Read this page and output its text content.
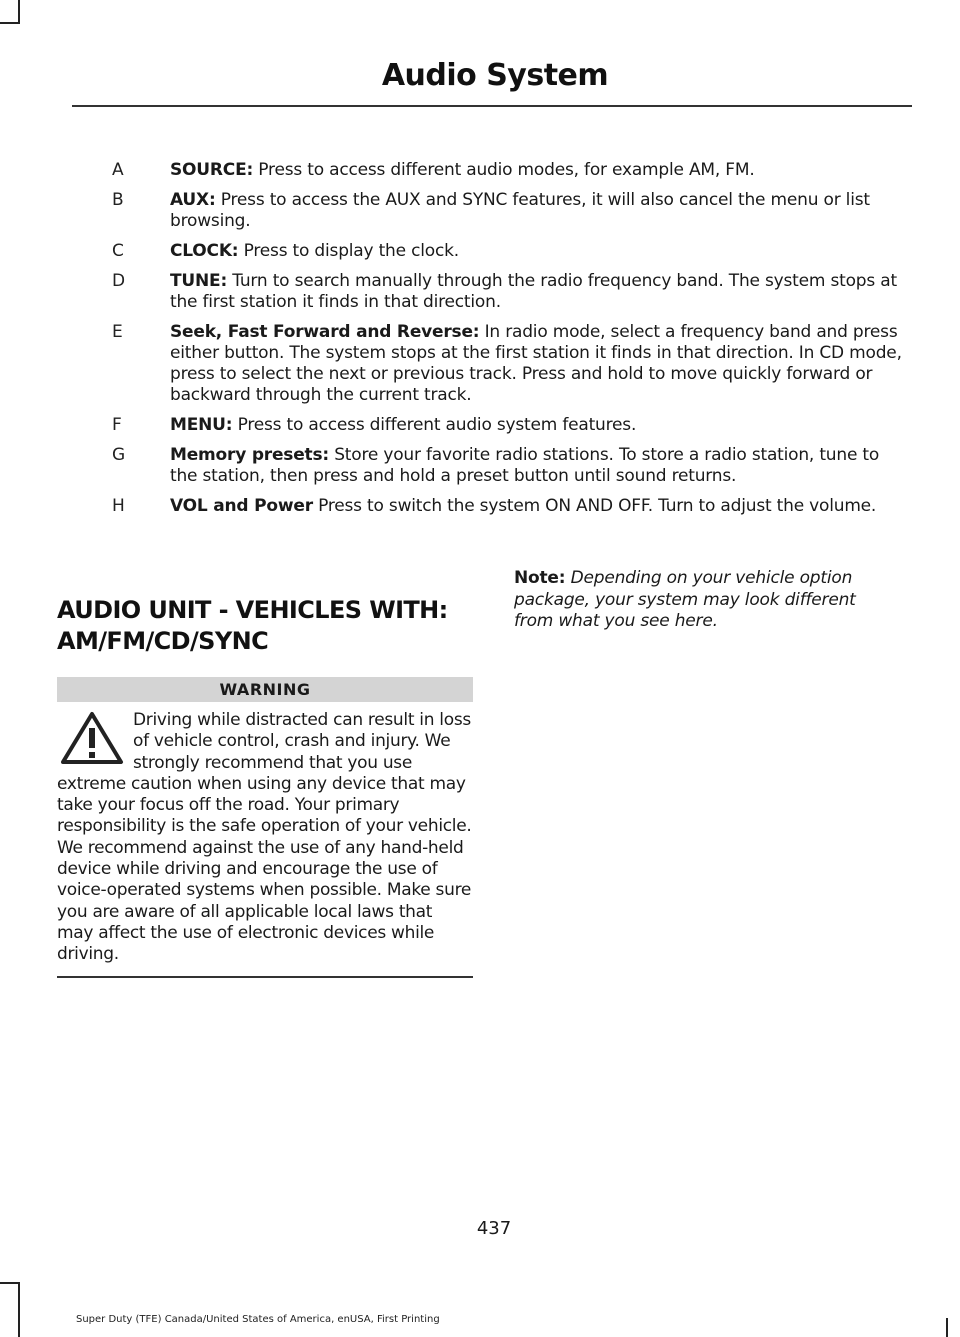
Audio System
A	SOURCE: Press to access different audio modes, for example AM, FM.
B	AUX: Press to access the AUX and SYNC features, it will also cancel the menu or list browsing.
C	CLOCK: Press to display the clock.
D	TUNE: Turn to search manually through the radio frequency band. The system stops at the first station it finds in that direction.
E	Seek, Fast Forward and Reverse: In radio mode, select a frequency band and press either button. The system stops at the first station it finds in that direction. In CD mode, press to select the next or previous track. Press and hold to move quickly forward or backward through the current track.
F	MENU: Press to access different audio system features.
G	Memory presets: Store your favorite radio stations. To store a radio station, tune to the station, then press and hold a preset button until sound returns.
H	VOL and Power Press to switch the system ON AND OFF. Turn to adjust the volume.
AUDIO UNIT - VEHICLES WITH:
AM/FM/CD/SYNC
WARNING
Driving while distracted can result in loss of vehicle control, crash and injury. We strongly recommend that you use extreme caution when using any device that may take your focus off the road. Your primary responsibility is the safe operation of your vehicle. We recommend against the use of any hand-held device while driving and encourage the use of voice-operated systems when possible. Make sure you are aware of all applicable local laws that may affect the use of electronic devices while driving.
Note: Depending on your vehicle option package, your system may look different from what you see here.
437
Super Duty (TFE) Canada/United States of America, enUSA, First Printing
